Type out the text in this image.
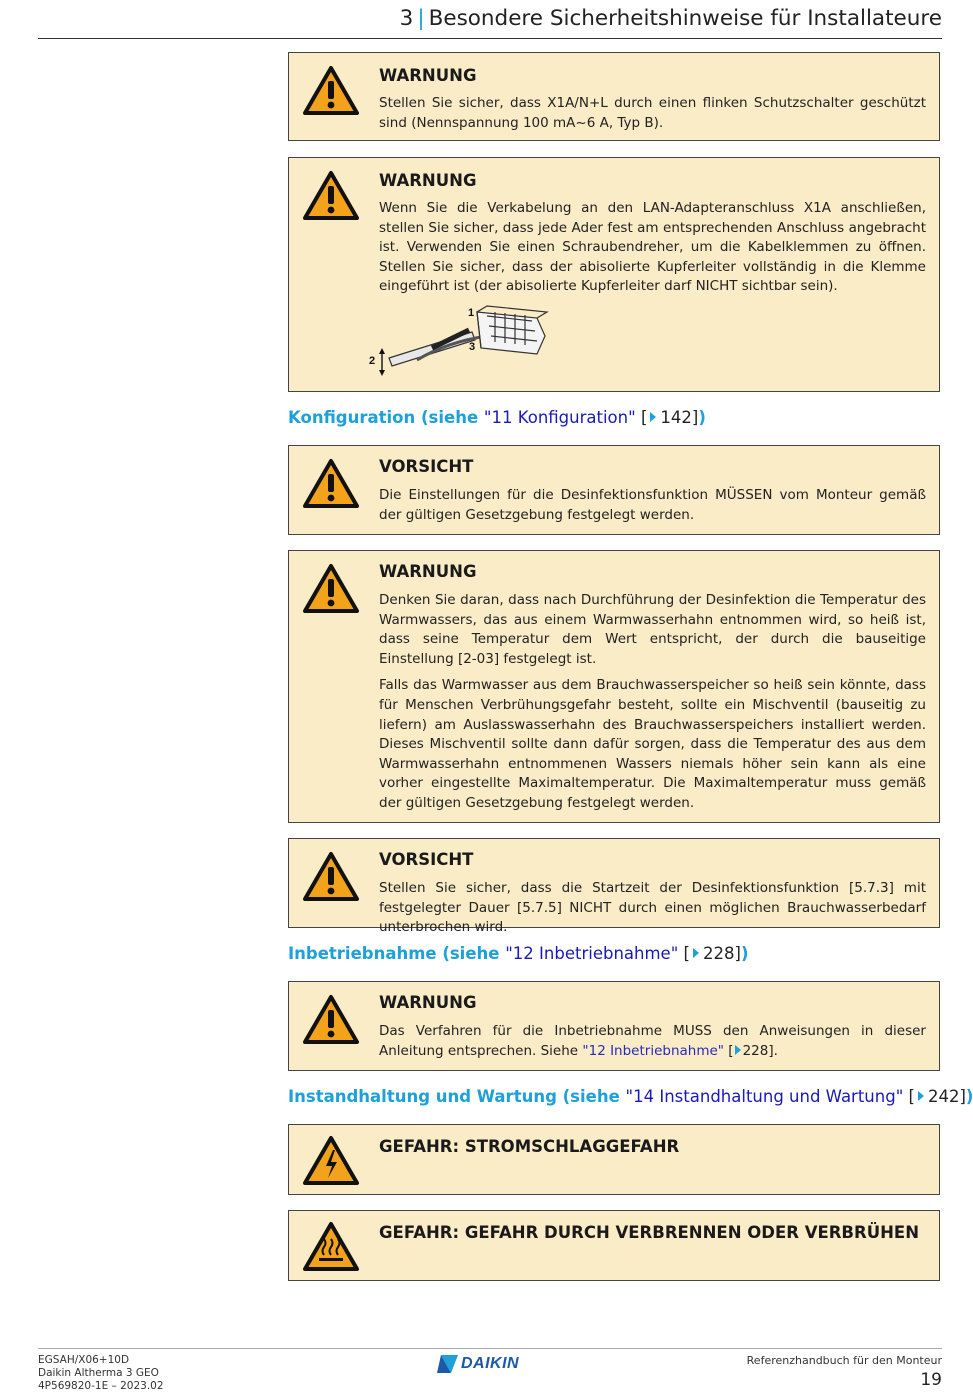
3 | Besondere Sicherheitshinweise für Installateure
WARNUNG

Stellen Sie sicher, dass X1A/N+L durch einen flinken Schutzschalter geschützt sind (Nennspannung 100 mA~6 A, Typ B).

WARNUNG

Wenn Sie die Verkabelung an den LAN-Adapteranschluss X1A anschließen, stellen Sie sicher, dass jede Ader fest am entsprechenden Anschluss angebracht ist. Verwenden Sie einen Schraubendreher, um die Kabelklemmen zu öffnen. Stellen Sie sicher, dass der abisolierte Kupferleiter vollständig in die Klemme eingeführt ist (der abisolierte Kupferleiter darf NICHT sichtbar sein).

2
1
3
Konfiguration (siehe "11 Konfiguration" [ 142])
VORSICHT

Die Einstellungen für die Desinfektionsfunktion MÜSSEN vom Monteur gemäß der gültigen Gesetzgebung festgelegt werden.

WARNUNG

Denken Sie daran, dass nach Durchführung der Desinfektion die Temperatur des Warmwassers, das aus einem Warmwasserhahn entnommen wird, so heiß ist, dass seine Temperatur dem Wert entspricht, der durch die bauseitige Einstellung [2‑03] festgelegt ist.

Falls das Warmwasser aus dem Brauchwasserspeicher so heiß sein könnte, dass für Menschen Verbrühungsgefahr besteht, sollte ein Mischventil (bauseitig zu liefern) am Auslasswasserhahn des Brauchwasserspeichers installiert werden. Dieses Mischventil sollte dann dafür sorgen, dass die Temperatur des aus dem Warmwasserhahn entnommenen Wassers niemals höher sein kann als eine vorher eingestellte Maximaltemperatur. Die Maximaltemperatur muss gemäß der gültigen Gesetzgebung festgelegt werden.

VORSICHT

Stellen Sie sicher, dass die Startzeit der Desinfektionsfunktion [5.7.3] mit festgelegter Dauer [5.7.5] NICHT durch einen möglichen Brauchwasserbedarf unterbrochen wird.

Inbetriebnahme (siehe "12 Inbetriebnahme" [ 228])
WARNUNG

Das Verfahren für die Inbetriebnahme MUSS den Anweisungen in dieser Anleitung entsprechen. Siehe "12 Inbetriebnahme" [ 228].

Instandhaltung und Wartung (siehe "14 Instandhaltung und Wartung" [ 242])
GEFAHR: STROMSCHLAGGEFAHR
GEFAHR: GEFAHR DURCH VERBRENNEN ODER VERBRÜHEN
EGSAH/X06+10D
Daikin Altherma 3 GEO
4P569820-1E – 2023.02
DAIKIN	Referenzhandbuch für den Monteur
19
